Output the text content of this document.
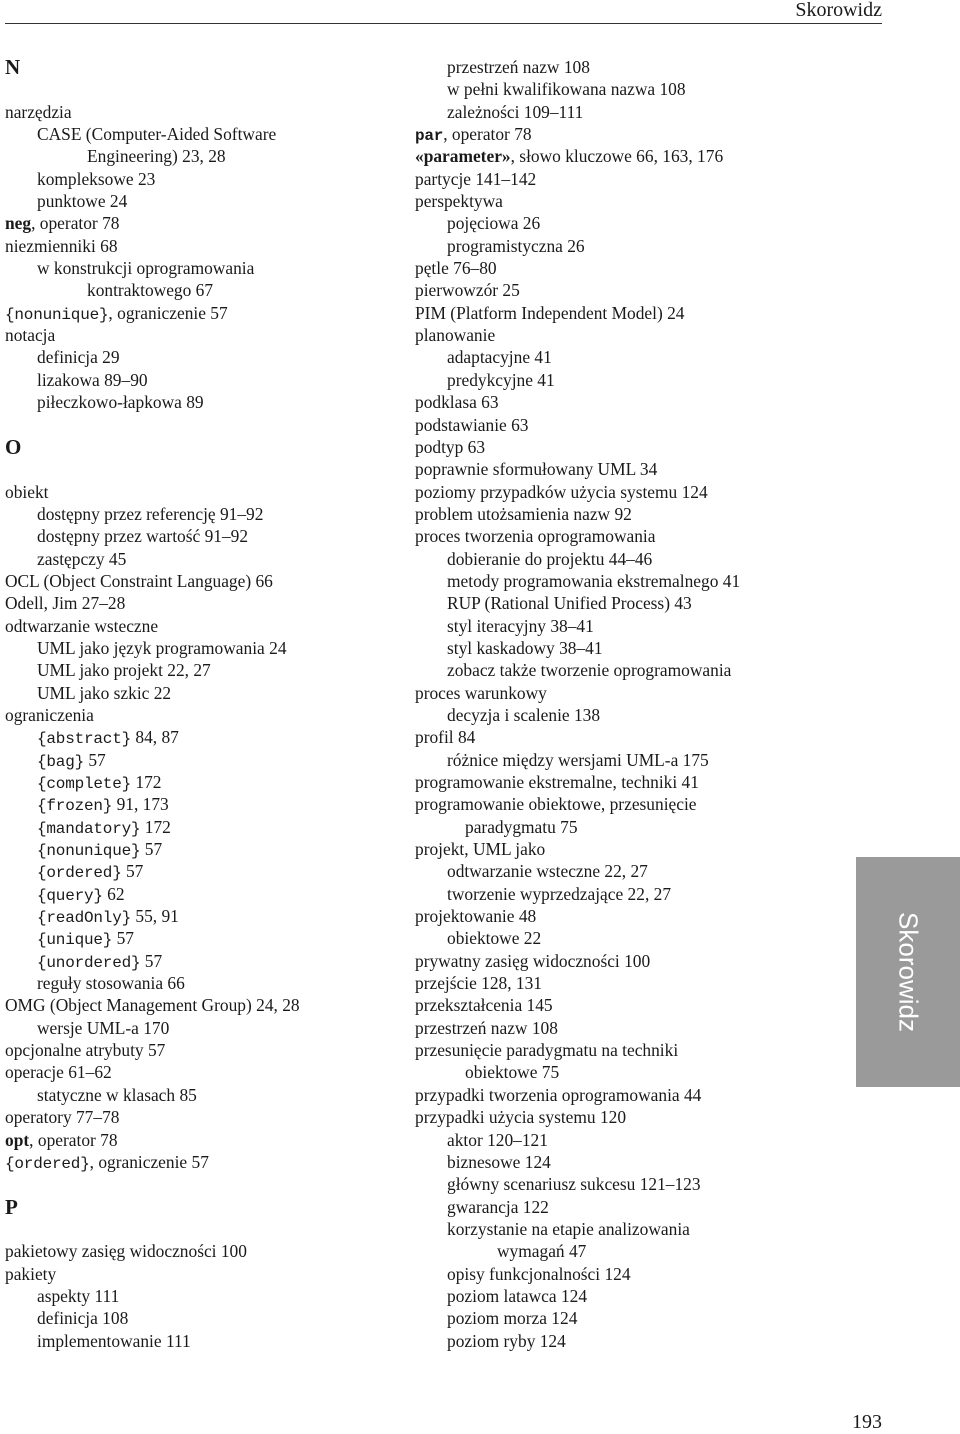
Skorowidz
N
narzędzia
CASE (Computer-Aided Software
Engineering) 23, 28
kompleksowe 23
punktowe 24
neg, operator 78
niezmienniki 68
w konstrukcji oprogramowania
kontraktowego 67
{nonunique}, ograniczenie 57
notacja
definicja 29
lizakowa 89–90
piłeczkowo-łapkowa 89
O
obiekt
dostępny przez referencję 91–92
dostępny przez wartość 91–92
zastępczy 45
OCL (Object Constraint Language) 66
Odell, Jim 27–28
odtwarzanie wsteczne
UML jako język programowania 24
UML jako projekt 22, 27
UML jako szkic 22
ograniczenia
{abstract} 84, 87
{bag} 57
{complete} 172
{frozen} 91, 173
{mandatory} 172
{nonunique} 57
{ordered} 57
{query} 62
{readOnly} 55, 91
{unique} 57
{unordered} 57
reguły stosowania 66
OMG (Object Management Group) 24, 28
wersje UML-a 170
opcjonalne atrybuty 57
operacje 61–62
statyczne w klasach 85
operatory 77–78
opt, operator 78
{ordered}, ograniczenie 57
P
pakietowy zasięg widoczności 100
pakiety
aspekty 111
definicja 108
implementowanie 111
przestrzeń nazw 108
w pełni kwalifikowana nazwa 108
zależności 109–111
par, operator 78
«parameter», słowo kluczowe 66, 163, 176
partycje 141–142
perspektywa
pojęciowa 26
programistyczna 26
pętle 76–80
pierwowzór 25
PIM (Platform Independent Model) 24
planowanie
adaptacyjne 41
predykcyjne 41
podklasa 63
podstawianie 63
podtyp 63
poprawnie sformułowany UML 34
poziomy przypadków użycia systemu 124
problem utożsamienia nazw 92
proces tworzenia oprogramowania
dobieranie do projektu 44–46
metody programowania ekstremalnego 41
RUP (Rational Unified Process) 43
styl iteracyjny 38–41
styl kaskadowy 38–41
zobacz także tworzenie oprogramowania
proces warunkowy
decyzja i scalenie 138
profil 84
różnice między wersjami UML-a 175
programowanie ekstremalne, techniki 41
programowanie obiektowe, przesunięcie
paradygmatu 75
projekt, UML jako
odtwarzanie wsteczne 22, 27
tworzenie wyprzedzające 22, 27
projektowanie 48
obiektowe 22
prywatny zasięg widoczności 100
przejście 128, 131
przekształcenia 145
przestrzeń nazw 108
przesunięcie paradygmatu na techniki
obiektowe 75
przypadki tworzenia oprogramowania 44
przypadki użycia systemu 120
aktor 120–121
biznesowe 124
główny scenariusz sukcesu 121–123
gwarancja 122
korzystanie na etapie analizowania
wymagań 47
opisy funkcjonalności 124
poziom latawca 124
poziom morza 124
poziom ryby 124
Skorowidz
193
